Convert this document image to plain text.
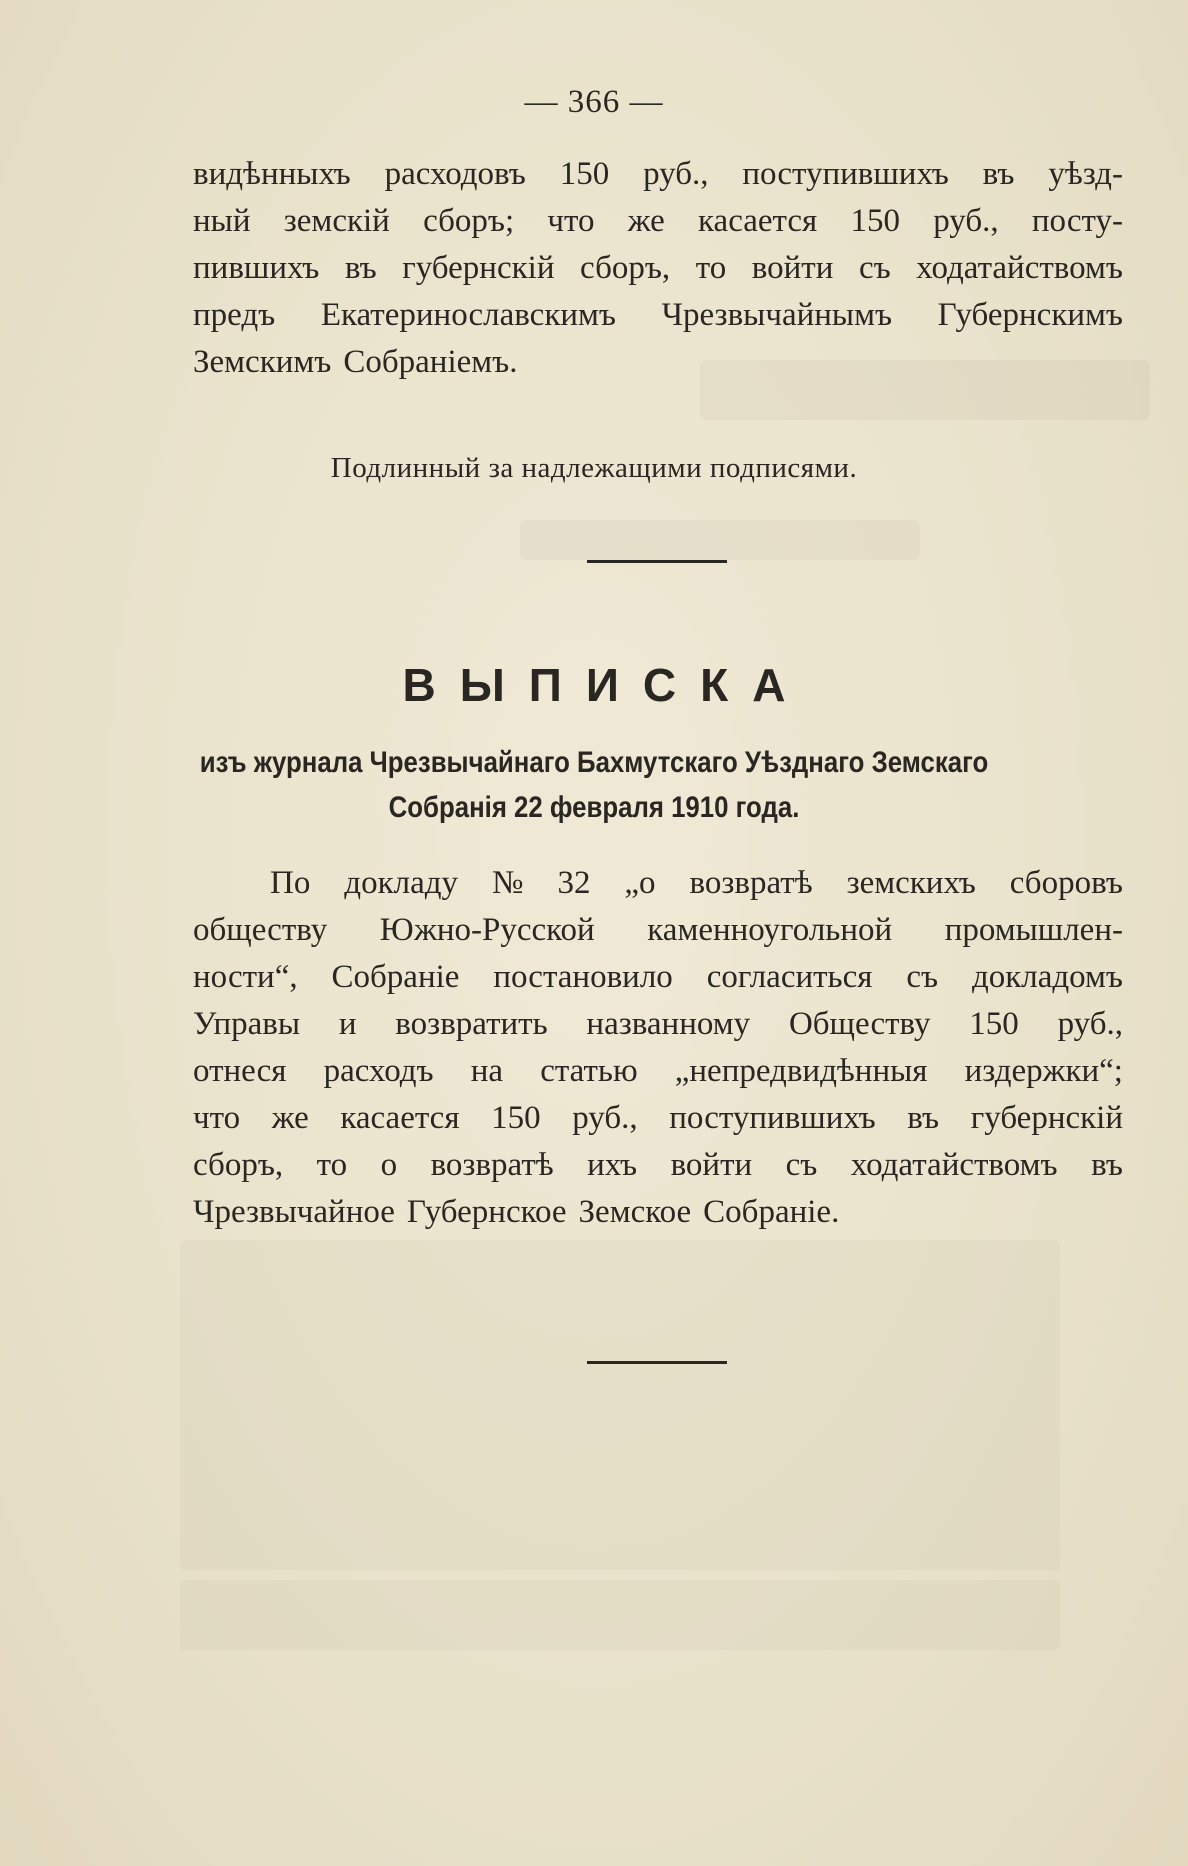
— 366 —
видѣнныхъ расходовъ 150 руб., поступившихъ въ уѣзд-
ный земскій сборъ; что же касается 150 руб., посту-
пившихъ въ губернскій сборъ, то войти съ ходатайствомъ
предъ Екатеринославскимъ Чрезвычайнымъ Губернскимъ
Земскимъ Собраніемъ.
Подлинный за надлежащими подписями.
ВЫПИСКА
изъ журнала Чрезвычайнаго Бахмутскаго Уѣзднаго Земскаго
Собранія 22 февраля 1910 года.
По докладу № 32 „о возвратѣ земскихъ сборовъ
обществу Южно-Русской каменноугольной промышлен-
ности“, Собраніе постановило согласиться съ докладомъ
Управы и возвратить названному Обществу 150 руб.,
отнеся расходъ на статью „непредвидѣнныя издержки“;
что же касается 150 руб., поступившихъ въ губернскій
сборъ, то о возвратѣ ихъ войти съ ходатайствомъ въ
Чрезвычайное Губернское Земское Собраніе.
